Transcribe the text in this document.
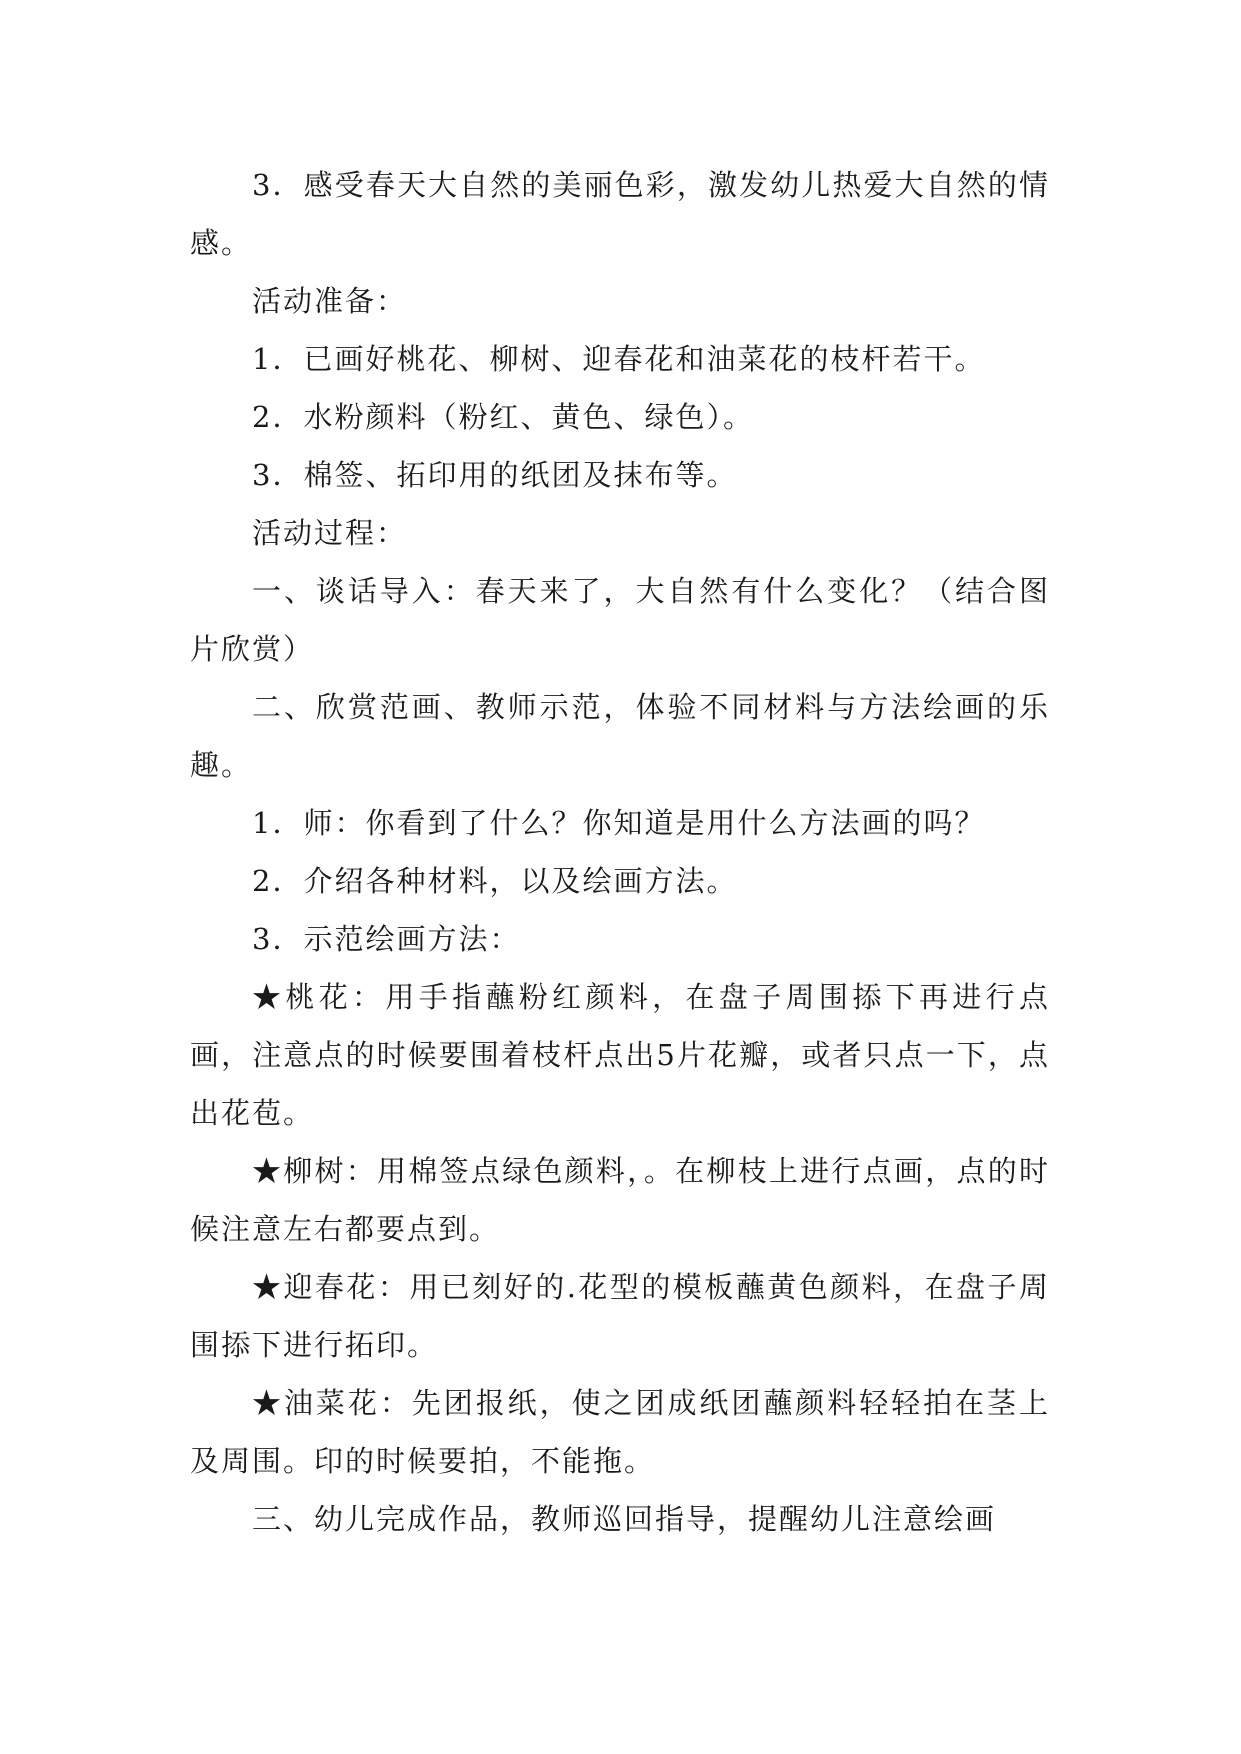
3．感受春天大自然的美丽色彩，激发幼儿热爱大自然的情感。

活动准备：

1．已画好桃花、柳树、迎春花和油菜花的枝杆若干。

2．水粉颜料（粉红、黄色、绿色）。

3．棉签、拓印用的纸团及抹布等。

活动过程：

一、谈话导入：春天来了，大自然有什么变化？（结合图片欣赏）

二、欣赏范画、教师示范，体验不同材料与方法绘画的乐趣。

1．师：你看到了什么？你知道是用什么方法画的吗？

2．介绍各种材料，以及绘画方法。

3．示范绘画方法：

★桃花：用手指蘸粉红颜料，在盘子周围掭下再进行点画，注意点的时候要围着枝杆点出5片花瓣，或者只点一下，点出花苞。

★柳树：用棉签点绿色颜料，。在柳枝上进行点画，点的时候注意左右都要点到。

★迎春花：用已刻好的.花型的模板蘸黄色颜料，在盘子周围掭下进行拓印。

★油菜花：先团报纸，使之团成纸团蘸颜料轻轻拍在茎上及周围。印的时候要拍，不能拖。

三、幼儿完成作品，教师巡回指导，提醒幼儿注意绘画
